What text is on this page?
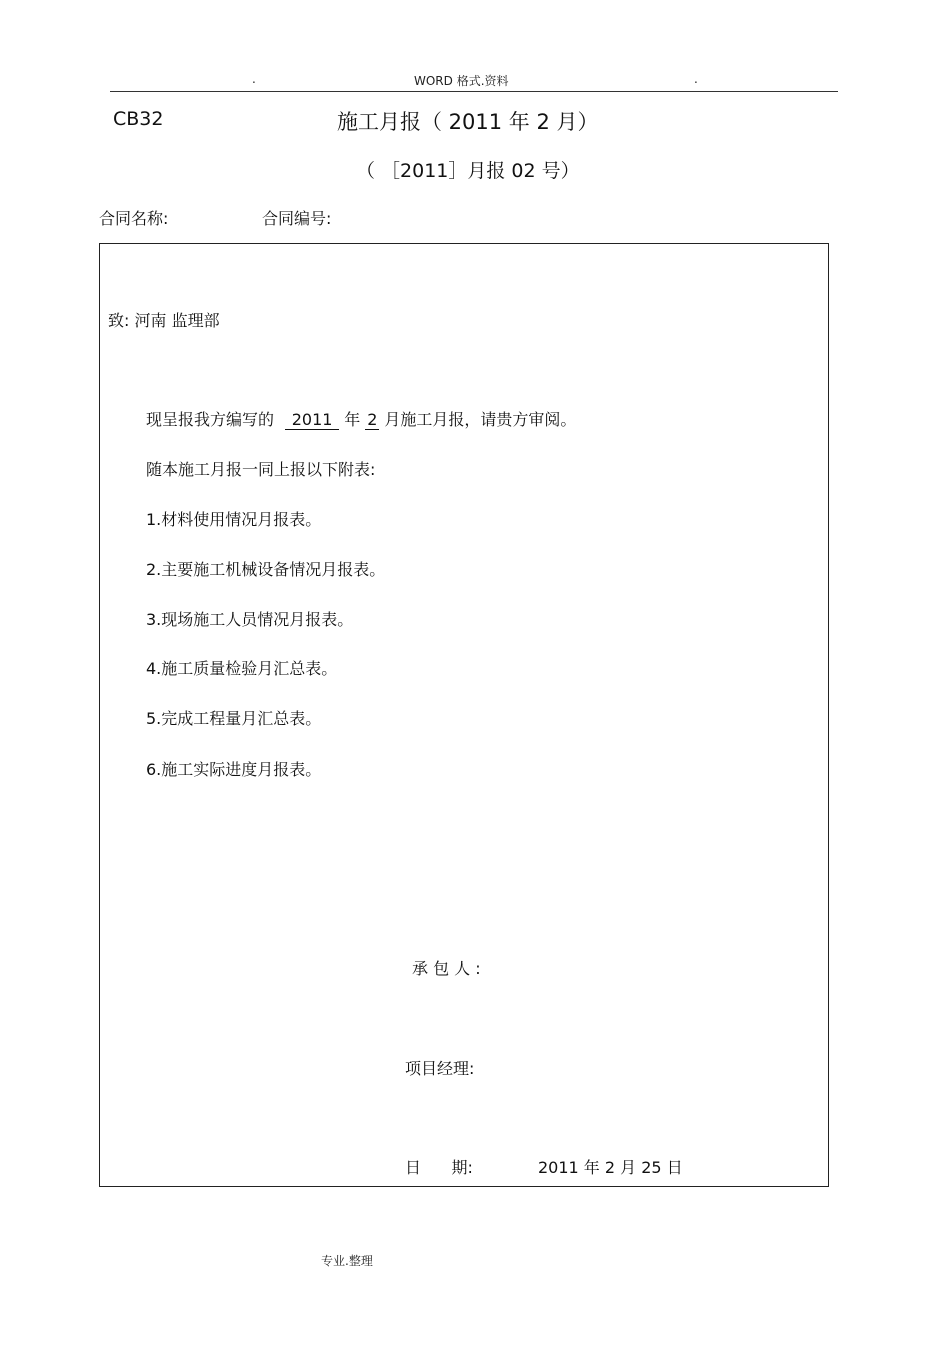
.	WORD 格式.资料	.
CB32	施工月报（ 2011 年 2 月）
（ ［2011］月报 02 号）
合同名称:	合同编号:
致: 河南 监理部
现呈报我方编写的 2011 年 2 月施工月报，请贵方审阅。
随本施工月报一同上报以下附表:
1.材料使用情况月报表。
2.主要施工机械设备情况月报表。
3.现场施工人员情况月报表。
4.施工质量检验月汇总表。
5.完成工程量月汇总表。
6.施工实际进度月报表。
承 包 人 :
项目经理:
日      期:	2011 年 2 月 25 日
专业.整理
